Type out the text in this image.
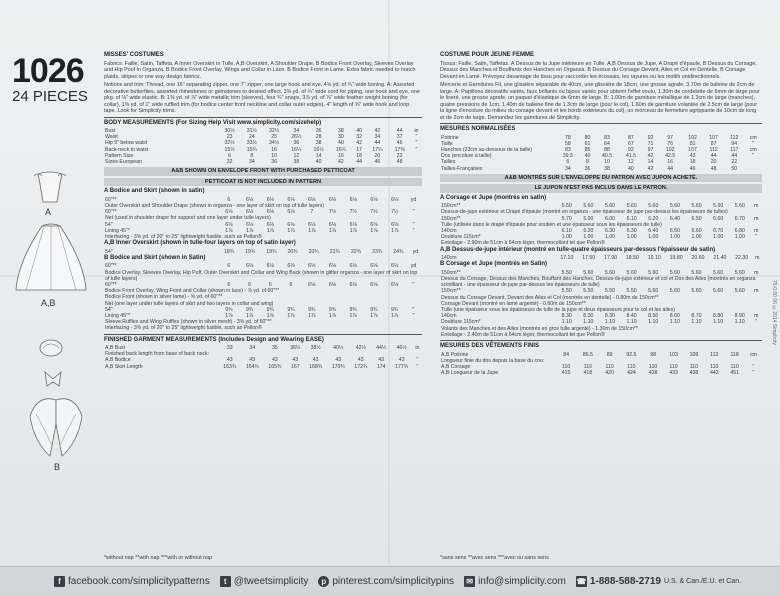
1026
24 PIECES
A
A,B
B

MISSES' COSTUMES

Fabrics: Faille, Satin, Taffeta. A Inner Overskirt in Tulle. A,B Overskirt, A Shoulder Drape, B Bodice Front Overlay, Sleeves Overlay and Hip Pouf in Organza. B Bodice Front Overlay, Wings and Collar in Lace. B Bodice Front in Lame. Extra fabric needed to match plaids, stripes or one way design fabrics.

Notions and trim: Thread, one 16" separating zipper, one 7" zipper, one large hook and eye, 4⅝ yd. of ¾" wide boning. A: Assorted decorative butterflies, assorted rhinestones or gemstones to desired effect, 3⅝ yd. of ¼" wide cord for piping, one hook and eye, one pkg. of ⅛" wide elastic. B: 1⅜ yd. of ⅞" wide metallic trim (sleeves), four ¾" snaps, 3⅞ yd. of ⅞" wide feather weight boning (for collar), 1⅜ yd. of 1" wide ruffled trim (for bodice center front neckline and collar outer edges), 4" length of ⅜" wide hook and loop tape. Look for Simplicity trims.

BODY MEASUREMENTS (For Sizing Help Visit www.simplicity.com/sizehelp)

Bust	30½	31½	32½	34	36	38	40	42	44	in
Waist	23	24	25	26½	28	30	32	34	37	"
Hip 9" below waist	32½	33½	34½	36	38	40	42	44	46	"
Back-neck to waist	15½	15¾	16	16¼	16½	16¾	17	17¼	17⅜	"
Pattern Size	6	8	10	12	14	16	18	20	22	
Sizes-European	32	34	36	38	40	42	44	46	48	
A&B SHOWN ON ENVELOPE FRONT WITH PURCHASED PETTICOAT
PETTICOAT IS NOT INCLUDED IN PATTERN

A Bodice and Skirt (shown in satin)

60"**	6	6⅛	6⅛	6⅛	6⅛	6⅛	6⅛	6⅛	6⅛	yd
Outer Overskirt and Shoulder Drape (shown in organza - one layer of skirt on top of tulle layers)										
60"**	6⅛	6⅛	6⅛	6⅛	7	7½	7½	7½	7½	"
Net (used in shoulder drape for support and one layer under tulle layers)										
54"	6⅛	6⅛	6⅛	6⅛	6⅛	6⅛	6⅛	6⅛	6⅛	"
Lining 45"*	1⅞	1⅞	1⅞	1⅞	1⅞	1⅞	1⅞	1⅞	1⅞	"
Interfacing - 3⅝ yd. of 20" to 25" lightweight fusible, such as Pellon®										

A,B Inner Overskirt (shown in tulle-four layers on top of satin layer)

54"	18¾	19¾	19¾	20¾	20¾	21¾	22¾	23¾	24¾	yd

B Bodice and Skirt (shown in Satin)

60"**	6	6⅛	6⅛	6⅛	6⅛	6⅛	6⅛	6⅛	6⅛	yd
Bodice Overlay, Sleeves Overlay, Hip Puff, Outer Overskirt and Collar and Wing Back (shown in glitter organza - one layer of skirt on top of tulle layers)										
60"**	6	6	6	6	6⅛	6⅛	6⅛	6⅛	6⅛	"
Bodice Front Overlay, Wing Front and Collar (shown in lace) - ⅞ yd. of 60"**										
Bodice Front (shown in silver lame) - ⅜ yd. of 60"**										
Net (one layer under tulle layers of skirt and two layers in collar and wing)										
54"	9¾	9¾	9¾	9¾	9¾	9¾	9¾	9¾	9¾	"
Lining 45"*	1⅞	1⅞	1⅞	1⅞	1⅞	1⅞	1⅞	1⅞	1⅞	"
Sleeve Ruffles and Wing Ruffles (shown in silver mesh) - 3⅝ yd. of 60"**										
Interfacing - 3⅝ yd. of 20" to 25" lightweight fusible, such as Pellon®										

FINISHED GARMENT MEASUREMENTS (Includes Design and Wearing EASE)

A,B Bust	33	34	35	36½	38½	40½	42½	44½	46½	in
Finished back length from base of back neck:										
A,B Bodice	43	43	43	43	43	43	43	43	43	"
A,B Skirt Length	163¾	164¾	165¾	167	168¾	170¾	172¾	174	177¾	"

COSTUME POUR JEUNE FEMME

Tissus: Faille, Satin, Taffetas. A Dessus de la Jupe intérieure en Tulle. A,B Dessus de Jupe, A Drapé d'épaule, B Dessus du Corsage, Dessus des Manches et Bouffants des Hanches en Organza. B Dessus du Corsage Devant, Ailes et Col en Dentelle. B Corsage Devant en Lamé. Prévoyez davantage de tissu pour raccorder les écossais, les rayures ou les motifs unidirectionnels.

Mercerie et Garnitures Fil, une glissière séparable de 40cm, une glissière de 18cm, une grosse agrafe, 3.70m de baleine de 2cm de large. A: Papillons décoratifs variés, faux brillants ou bijoux variés pour obtenir l'effet voulu, 1.30m de cordelette de 6mm de large pour le liseré, une grosse agrafe, un paquet d'élastique de 6mm de large. B: 1.00m de garniture métallique de 1.3cm de large (manches), quatre pressions de 1cm, 1.40m de baleine fine de 1.3cm de large (pour le col), 1.60m de garniture volantée de 2.5cm de large (pour la ligne d'encolure du milieu du corsage devant et les bords extérieurs du col), un morceau de fermeture agrippante de 10cm de long et de 2cm de large. Demandez les garnitures de Simplicity.

MESURES NORMALISÉES

Poitrine	78	80	83	87	92	97	102	107	112	cm
Taille	58	61	64	67	71	76	81	87	94	"
Hanches (23cm au-dessous de la taille)	83	85	88	92	97	102	107	112	117	cm
Dos (encolure à taille)	39.5	40	40.5	41.5	42	42.5	43	44	44	"
Tailles	6	8	10	12	14	16	18	20	22	
Tailles-Françaises	34	36	38	40	42	44	46	48	50	
A&B MONTRÉS SUR L'ENVELOPPE DU PATRON AVEC JUPON ACHETÉ.
LE JUPON N'EST PAS INCLUS DANS LE PATRON.

A Corsage et Jupe (montrés en satin)

150cm**	5.50	5.60	5.60	5.60	5.60	5.60	5.60	5.60	5.60	m
Dessus-de-jupe extérieur et Drapé d'épaule (montré en organza - une épaisseur de jupe par-dessus les épaisseurs de tulles)										
150cm**	5.70	5.90	6.00	6.10	6.20	6.40	6.50	6.60	6.70	m
Tulle (utilisée dans le drapé d'épaule pour soutien et une épaisseur sous les épaisseurs de tulle)										
140cm	6.10	6.20	6.30	6.30	6.40	6.50	6.60	6.70	6.80	m
Doublure 115cm*	1.00	1.00	1.00	1.00	1.00	1.00	1.00	1.00	1.00	"
Entoilage - 2.90m de 51cm à 64cm léger, thermocollant tel que Pellon®										

A,B Dessus-de-jupe intérieur (montré en tulle-quatre épaisseurs par-dessus l'épaisseur de satin)

140cm	17.10	17.50	17.90	18.50	19.10	19.80	20.60	21.40	22.30	m

B Corsage et Jupe (montrés en Satin)

150cm**	5.50	5.60	5.60	5.60	5.60	5.60	5.60	5.60	5.60	m
Dessus du Corsage, Dessus des Manches, Bouffant des Hanches, Dessus-de-jupe extérieur et col et Dos des Ailes (montrés en organza scintillant - une épaisseur de jupe par-dessus les épaisseurs de tulle)										
150cm**	5.50	5.50	5.50	5.50	5.60	5.60	5.60	5.60	5.60	m
Dessus du Corsage Devant, Devant des Ailes et Col (montrés en dentelle) - 0.80m de 150cm**										
Corsage Devant (montré en lamé argenté) - 0.60m de 150cm**										
Tulle (une épaisseur sous les épaisseurs de tulle de la jupe et deux épaisseurs pour le col et les ailes)										
140cm	8.30	8.30	8.30	8.40	8.50	8.60	8.70	8.80	8.90	m
Doublure 115cm*	1.10	1.10	1.10	1.10	1.10	1.10	1.10	1.10	1.10	"
Volants des Manches et des Ailes (montrés en gros tulle argenté) - 1.30m de 150cm**										
Entoilage - 2.40m de 51cm à 64cm léger, thermocollant tel que Pellon®										

MESURES DES VÊTEMENTS FINIS

A,B Poitrine	84	86.5	89	92.5	98	103	108	113	118	cm
Longueur finie du dos depuis la base du cou:										
A,B Corsage	110	110	110	110	110	110	110	110	110	"
A,B Longueur de la Jupe	415	418	420	424	428	433	438	443	451	"
*without nap **with nap ***with or without nap	*sans sens **avec sens ***avec ou sans sens
75-0.00 06 ©2014 Simplicity
f facebook.com/simplicitypatterns	t @tweetsimplicity	p pinterest.com/simplicitypins ✉ info@simplicity.com ☎ 1-888-588-2719 U.S. & Can./E.U. et Can.
